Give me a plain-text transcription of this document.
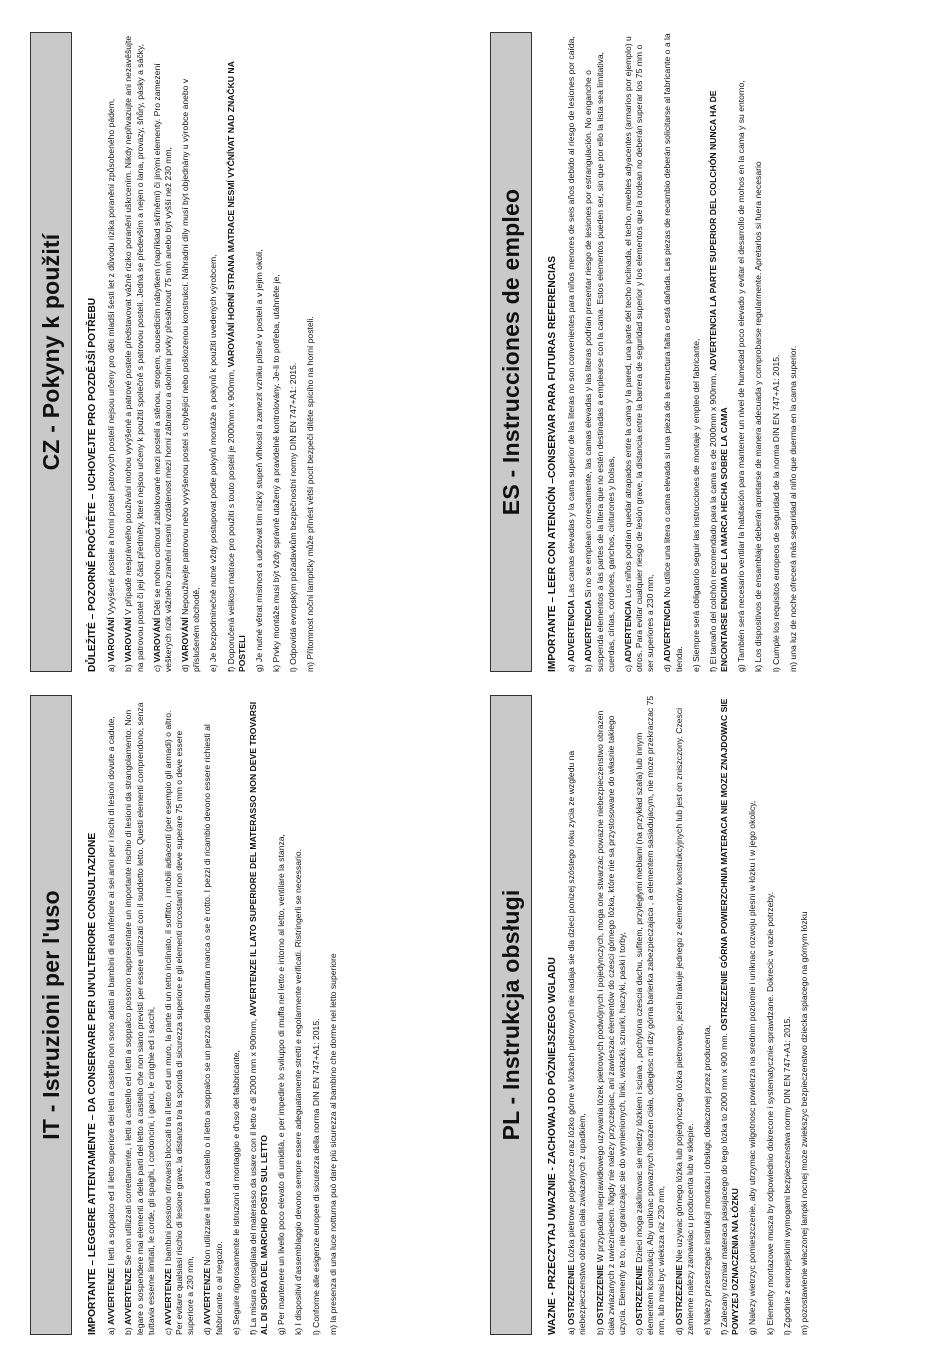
IT - Istruzioni per l'uso	IMPORTANTE – LEGGERE ATTENTAMENTE – DA CONSERVARE PER UN'ULTERIORE CONSULTAZIONE a) AVVERTENZE I letti a soppalco ed il letto superiore dei letti a castello non sono adatti ai bambini di età inferiore ai sei anni per i rischi di lesioni dovute a cadute,
b) AVVERTENZE Se non utilizzati correttamente, i letti a castello ed i letti a soppalco possono rappresentare un importante rischio di lesioni da strangolamento. Non legare o sospendere mai elementi a delle parti del letto a castello che non siano previsti per essere utilizzati con il suddetto letto. Questi elementi comprendono, senza tuttavia esserne limitati, le corde, gli spaghi, i cordoncini, i ganci, le cinghie ed i sacchi, c) AVVERTENZE I bambini possono ritrovarsi bloccati tra il letto ed un muro, la parte di un tetto inclinato, il soffitto, i mobili adiacenti (per esempio gli armadi) o altro. Per evitare qualsiasi rischio di lesione grave, la distanza tra la sponda di sicurezza superiore e gli elementi circostanti non deve superare 75 mm o deve essere superiore a 230 mm, d) AVVERTENZE Non utilizzare il letto a castello o il letto a soppalco se un pezzo della struttura manca o se è rotto. I pezzi di ricambio devono essere richiesti al fabbricante o al negozio. e) Seguire rigorosamente le istruzioni di montaggio e d'uso del fabbricante,
f) La misura consigliata del materasso da usare con il letto è di 2000 mm x 900mm, AVVERTENZE IL LATO SUPERIORE DEL MATERASSO NON DEVE TROVARSI AL DI SOPRA DEL MARCHIO POSTO SUL LETTO g) Per mantenere un livello poco elevato di umidità, e per impedire lo sviluppo di muffa nel letto e intorno al letto, ventilare la stanza,
k) I dispositivi d'assemblaggio devono sempre essere adeguatamente stretti e regolarmente verificati. Ristringerli se necessario.
l) Conforme alle esigenze europee di sicurezza della norma DIN EN 747+A1: 2015.
m) la presenza di una luce notturna può dare più sicurezza al bambino che dorme nel letto superiore	PL - Instrukcja obsługi	WAZNE - PRZECZYTAJ UWAZNIE - ZACHOWAJ DO PÓZNIEJSZEGO WGLADU a) OSTRZEZENIE Lózka pietrowe pojedyncze oraz lózko górne w lózkach pietrowych nie nadaja sie dla dzieci ponizej szóstego roku zycia ze wzgledu na niebezpieczenstwo obrazen ciała zwiazanych z upadkiem, b) OSTRZEZENIE W przypadku nieprawidłowego uzywania lózek pietrowych podwójnych i pojedynczych, moga one stwarzac powazne niebezpieczenstwo obrazen ciała zwiazanych z uwieznieciem. Nigdy nie nalezy przyczepiac, ani zawieszac elementów do czesci górnego lózka, które nie sa przystosowane do własnie takiego uzycia. Elementy te to, nie ograniczajac sie do wymienionych, linki, wstazki, sznurki, haczyki, paski i torby, c) OSTRZEZENIE Dzieci moga zaklinowac sie miedzy lózkiem i sciana , pochylona czescia dachu, sufitem, przyległymi meblami (na przykład szafa) lub innym elementem konstrukcji. Aby uniknac powaznych obrazen ciała, odległosc mi dzy górna barierka zabezpieczajaca , a elementem sasiadujacym, nie moze przekraczac 75 mm, lub musi byc wieksza niz 230 mm, d) OSTRZEZENIE Nie uzywac górnego lózka lub pojedynczego lózka pietrowego, jezeli brakuje jednego z elementów konstrukcyjnych lub jest on zniszczony. Czesci zamienne nalezy zamawiac u producenta lub w sklepie. e) Nalezy przestrzegac instrukcji montazu i obsługi, dołaczonej przez producenta,
f) Zalecany rozmiar materaca pasujacego do tego lózka to 2000 mm x 900 mm. OSTRZEZENIE GÓRNA POWIERZCHNIA MATERACA NIE MOZE ZNAJDOWAC SIE POWYZEJ OZNACZENIA NA ŁÓZKU g) Nalezy wietrzyc pomieszczenie, aby utrzymac wilgotnosc powietrza na srednim poziomie i uniknac rozwoju plesni w łózku i w jego okolicy,
k) Elementy montazowe musza by odpowiednio dokrecone i systematycznie sprawdzane. Dokrecic w razie potrzeby.
l) Zgodnie z europejskimi wymogami bezpieczenstwa normy DIN EN 747+A1: 2015.
m) pozostawienie właczonej lampki nocnej moze zwiekszyc bezpieczenstwo dziecka spiacego na górnym łózku
CZ - Pokyny k použití	DŮLEŽITÉ – POZORNĚ PROČTĚTE – UCHOVEJTE PRO POZDĚJŠÍ POTŘEBU a) VAROVÁNÍ Vyvýšené postele a horní postel patrových postelí nejsou určeny pro děti mladší šesti let z důvodu rizika poranění způsobeného pádem,
b) VAROVÁNÍ V případě nesprávného používání mohou vyvýšené a patrové postele představovat vážné riziko poranění uškrcením. Nikdy nepřivazujte ani nezavěšujte na patrovou postel či její část předměty, které nejsou určeny k použití společně s patrovou postelí. Jedná se především a nejen o lana, provazy, šňůry, pásky a sáčky, c) VAROVÁNÍ Děti se mohou ocitnout zablokované mezi postelí a stěnou, stropem, sousedícím nábytkem (například skříněmi) či jinými elementy. Pro zamezení veškerých rizik vážného zranění nesmí vzdálenost mezi horní zábranou a okolními prvky přesáhnout 75 mm anebo být vyšší než 230 mm, d) VAROVÁNÍ Nepoužívejte patrovou nebo vyvýšenou postel s chybějící nebo poškozenou konstrukcí. Náhradní díly musí být objednány u výrobce anebo v příslušeném obchodě, e) Je bezpodmínečně nutné vždy postupovat podle pokynů montáže a pokynů k použití uvedených výrobcem,
f) Doporučená velikost matrace pro použití s touto postelí je 2000mm x 900mm, VAROVÁNÍ HORNÍ STRANA MATRACE NESMÍ VYČNÍVAT NAD ZNAČKU NA POSTELI g) Je nutné větrat místnost a udržovat tím nízký stupeň vlhkosti a zamezit vzniku plísně v posteli a v jejím okolí,
k) Prvky montáže musí být vždy správně utažený a pravidelně kontrolovány. Je-li to potřeba, utáhněte je,
l) Odpovídá evropským požadavkům bezpečnostní normy DIN EN 747+A1: 2015.
m) Přítomnost noční lampičky může přinést větší pocit bezpečí dítěte spícího na horní posteli.	ES - Instrucciones de empleo	IMPORTANTE – LEER CON ATENCIÓN –CONSERVAR PARA FUTURAS REFERENCIAS a) ADVERTENCIA Las camas elevadas y la cama superior de las literas no son convenientes para niños menores de seis años debido al riesgo de lesiones por caída,
b) ADVERTENCIA Si no se emplean correctamente, las camas elevadas y las literas podrían presentar riesgo de lesiones por estrangulación. No enganche o suspenda elementos a las partes de la litera que no estén destinadas a emplearse con la cama. Estos elementos pueden ser, sin que por ello la lista sea limitativa, cuerdas, cintas, cordones, ganchos, cinturones y bolsas, c) ADVERTENCIA Los niños podrían quedar atrapados entre la cama y la pared, una parte del techo inclinada, el techo, muebles adyacentes (armarios por ejemplo) u otros. Para evitar cualquier riesgo de lesión grave, la distancia entre la barrera de seguridad superior y los elementos que la rodean no deberán superar los 75 mm o ser superiores a 230 mm, d) ADVERTENCIA No utilice una litera o cama elevada si una pieza de la estructura falta o está dañada. Las piezas de recambio deberán solicitarse al fabricante o a la tienda. e) Siempre será obligatorio seguir las instrucciones de montaje y empleo del fabricante,
f) El tamaño del colchón recomendado para la cama es de 2000mm x 900mm, ADVERTENCIA LA PARTE SUPERIOR DEL COLCHÓN NUNCA HA DE ENCONTARSE ENCIMA DE LA MARCA HECHA SOBRE LA CAMA g) También será necesario ventilar la habitación para mantener un nivel de humedad poco elevado y evitar el desarrollo de mohos en la cama y su entorno,
k) Los dispositivos de ensamblaje deberán apretarse de manera adecuada y comprobarse regularmente. Apretarlos si fuera necesario
l) Cumple los requisitos europeos de seguridad de la norma DIN EN 747+A1: 2015.
m) una luz de noche ofrecerá más seguridad al niño que duerma en la cama superior.
